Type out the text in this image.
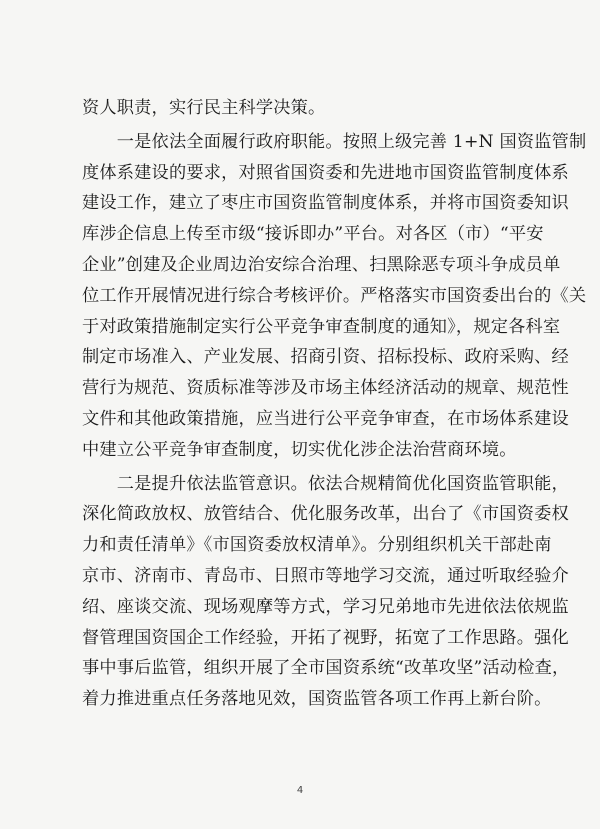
资人职责，实行民主科学决策。
　　一是依法全面履行政府职能。按照上级完善 1+N 国资监管制
度体系建设的要求，对照省国资委和先进地市国资监管制度体系
建设工作，建立了枣庄市国资监管制度体系，并将市国资委知识
库涉企信息上传至市级“接诉即办”平台。对各区（市）“平安
企业”创建及企业周边治安综合治理、扫黑除恶专项斗争成员单
位工作开展情况进行综合考核评价。严格落实市国资委出台的《关
于对政策措施制定实行公平竞争审查制度的通知》，规定各科室
制定市场准入、产业发展、招商引资、招标投标、政府采购、经
营行为规范、资质标准等涉及市场主体经济活动的规章、规范性
文件和其他政策措施，应当进行公平竞争审查，在市场体系建设
中建立公平竞争审查制度，切实优化涉企法治营商环境。
　　二是提升依法监管意识。依法合规精简优化国资监管职能，
深化简政放权、放管结合、优化服务改革，出台了《市国资委权
力和责任清单》《市国资委放权清单》。分别组织机关干部赴南
京市、济南市、青岛市、日照市等地学习交流，通过听取经验介
绍、座谈交流、现场观摩等方式，学习兄弟地市先进依法依规监
督管理国资国企工作经验，开拓了视野，拓宽了工作思路。强化
事中事后监管，组织开展了全市国资系统“改革攻坚”活动检查，
着力推进重点任务落地见效，国资监管各项工作再上新台阶。
4
